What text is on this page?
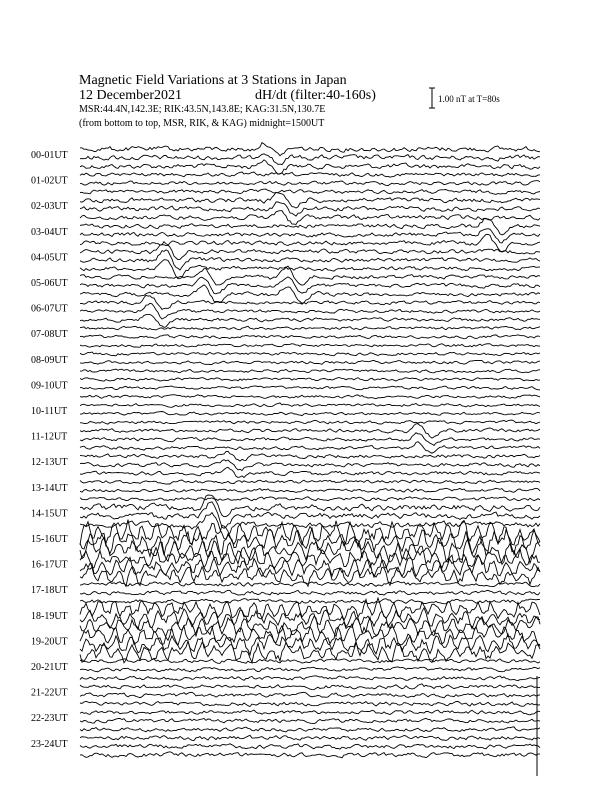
Magnetic Field Variations at 3 Stations in Japan
12 December2021	dH/dt (filter:40-160s)
MSR:44.4N,142.3E; RIK:43.5N,143.8E; KAG:31.5N,130.7E
(from bottom to top, MSR, RIK, & KAG) midnight=1500UT
1.00 nT at T=80s
00-01UT
01-02UT
02-03UT
03-04UT
04-05UT
05-06UT
06-07UT
07-08UT
08-09UT
09-10UT
10-11UT
11-12UT
12-13UT
13-14UT
14-15UT
15-16UT
16-17UT
17-18UT
18-19UT
19-20UT
20-21UT
21-22UT
22-23UT
23-24UT
